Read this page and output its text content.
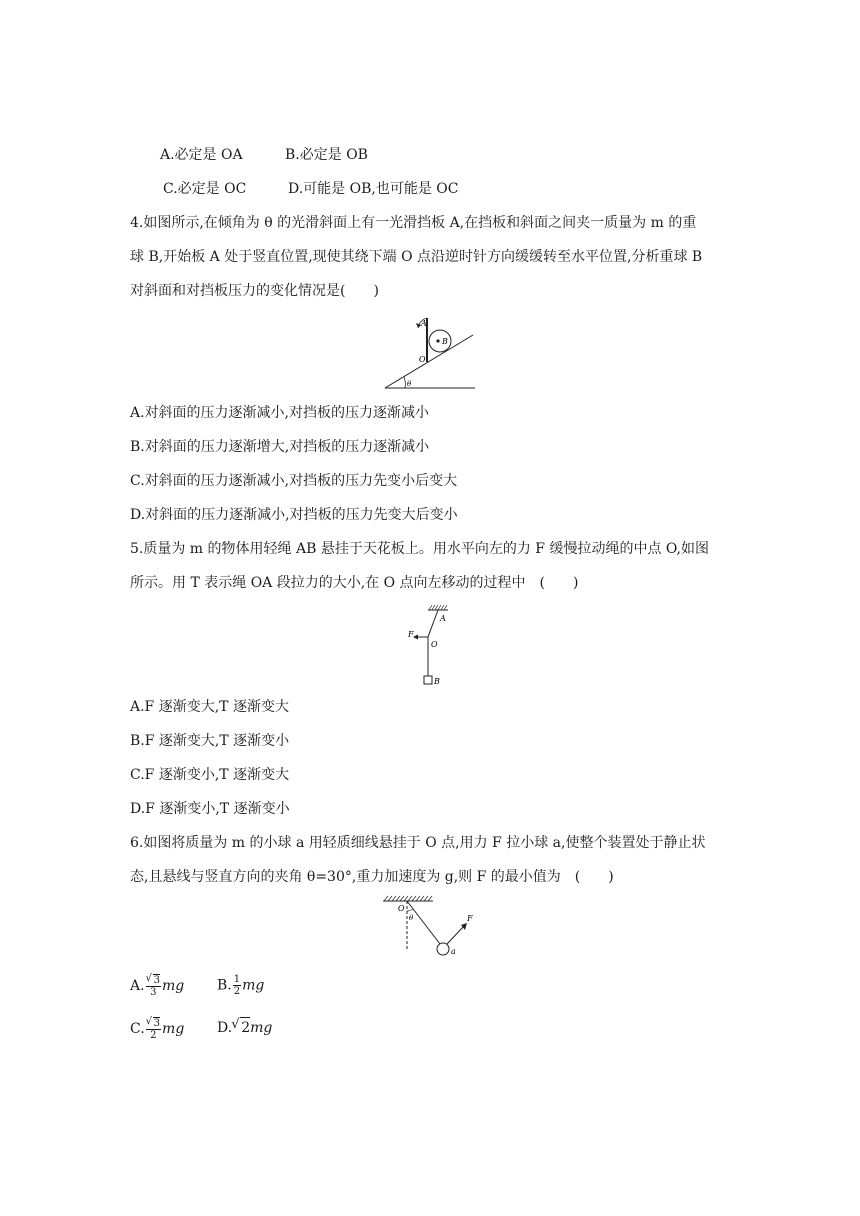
A.必定是 OA	B.必定是 OB
C.必定是 OC	D.可能是 OB,也可能是 OC
4.如图所示,在倾角为 θ 的光滑斜面上有一光滑挡板 A,在挡板和斜面之间夹一质量为 m 的重
球 B,开始板 A 处于竖直位置,现使其绕下端 O 点沿逆时针方向缓缓转至水平位置,分析重球 B
对斜面和对挡板压力的变化情况是(　　)
A
B
O
θ
A.对斜面的压力逐渐减小,对挡板的压力逐渐减小
B.对斜面的压力逐渐增大,对挡板的压力逐渐减小
C.对斜面的压力逐渐减小,对挡板的压力先变小后变大
D.对斜面的压力逐渐减小,对挡板的压力先变大后变小
5.质量为 m 的物体用轻绳 AB 悬挂于天花板上。用水平向左的力 F 缓慢拉动绳的中点 O,如图
所示。用 T 表示绳 OA 段拉力的大小,在 O 点向左移动的过程中　(　　)
A
F
O
B
A.F 逐渐变大,T 逐渐变大
B.F 逐渐变大,T 逐渐变小
C.F 逐渐变小,T 逐渐变大
D.F 逐渐变小,T 逐渐变小
6.如图将质量为 m 的小球 a 用轻质细线悬挂于 O 点,用力 F 拉小球 a,使整个装置处于静止状
态,且悬线与竖直方向的夹角 θ=30°,重力加速度为 g,则 F 的最小值为　(　　)
O
θ	F
a
A. √ $\frac{3}{3}$ mg B. $\frac{1}{2}$ mg
C. √ $\frac{3}{2}$ mg D. √ 2mg
